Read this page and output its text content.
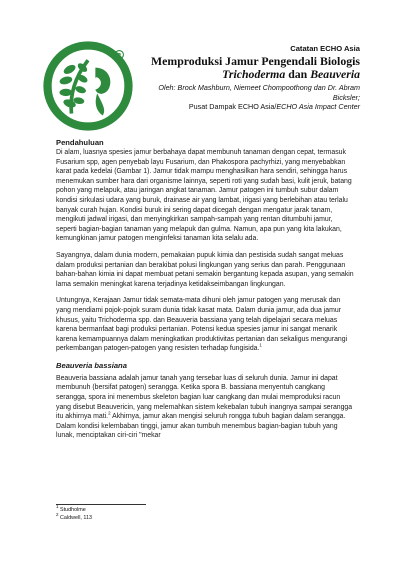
R
Catatan ECHO Asia
Memproduksi Jamur Pengendali Biologis
Trichoderma dan Beauveria
Oleh: Brock Mashburn, Niemeet Chompoothong dan Dr. Abram
Bicksler;
Pusat Dampak ECHO Asia/ECHO Asia Impact Center
Pendahuluan

Di alam, luasnya spesies jamur berbahaya dapat membunuh tanaman dengan cepat, termasuk Fusarium spp, agen penyebab layu Fusarium, dan Phakospora pachyrhizi, yang menyebabkan karat pada kedelai (Gambar 1). Jamur tidak mampu menghasilkan hara sendiri, sehingga harus menemukan sumber hara dari organisme lainnya, seperti roti yang sudah basi, kulit jeruk, batang pohon yang melapuk, atau jaringan angkat tanaman. Jamur patogen ini tumbuh subur dalam kondisi sirkulasi udara yang buruk, drainase air yang lambat, irigasi yang berlebihan atau terlalu banyak curah hujan. Kondisi buruk ini sering dapat dicegah dengan mengatur jarak tanam, mengikuti jadwal irigasi, dan menyingkirkan sampah-sampah yang rentan ditumbuhi jamur, seperti bagian-bagian tanaman yang melapuk dan gulma. Namun, apa pun yang kita lakukan, kemungkinan jamur patogen menginfeksi tanaman kita selalu ada.

Sayangnya, dalam dunia modern, pemakaian pupuk kimia dan pestisida sudah sangat meluas dalam produksi pertanian dan berakibat polusi lingkungan yang serius dan parah. Penggunaan bahan-bahan kimia ini dapat membuat petani semakin bergantung kepada asupan, yang semakin lama semakin meningkat karena terjadinya ketidakseimbangan lingkungan.

Untungnya, Kerajaan Jamur tidak semata-mata dihuni oleh jamur patogen yang merusak dan yang mendiami pojok-pojok suram dunia tidak kasat mata. Dalam dunia jamur, ada dua jamur khusus, yaitu Trichoderma spp. dan Beauveria bassiana yang telah dipelajari secara meluas karena bermanfaat bagi produksi pertanian. Potensi kedua spesies jamur ini sangat menarik karena kemampuannya dalam meningkatkan produktivitas pertanian dan sekaligus mengurangi perkembangan patogen-patogen yang resisten terhadap fungisida.$^1$

Beauveria bassiana

Beauveria bassiana adalah jamur tanah yang tersebar luas di seluruh dunia. Jamur ini dapat membunuh (bersifat patogen) serangga. Ketika spora B. bassiana menyentuh cangkang serangga, spora ini menembus skeleton bagian luar cangkang dan mulai memproduksi racun yang disebut Beauvericin, yang melemahkan sistem kekebalan tubuh inangnya sampai serangga itu akhirnya mati.$^2$ Akhirnya, jamur akan mengisi seluruh rongga tubuh bagian dalam serangga. Dalam kondisi kelembaban tinggi, jamur akan tumbuh menembus bagian-bagian tubuh yang lunak, menciptakan ciri-ciri "mekar

$^1$ Studholme
$^2$ Caldwell, 113
